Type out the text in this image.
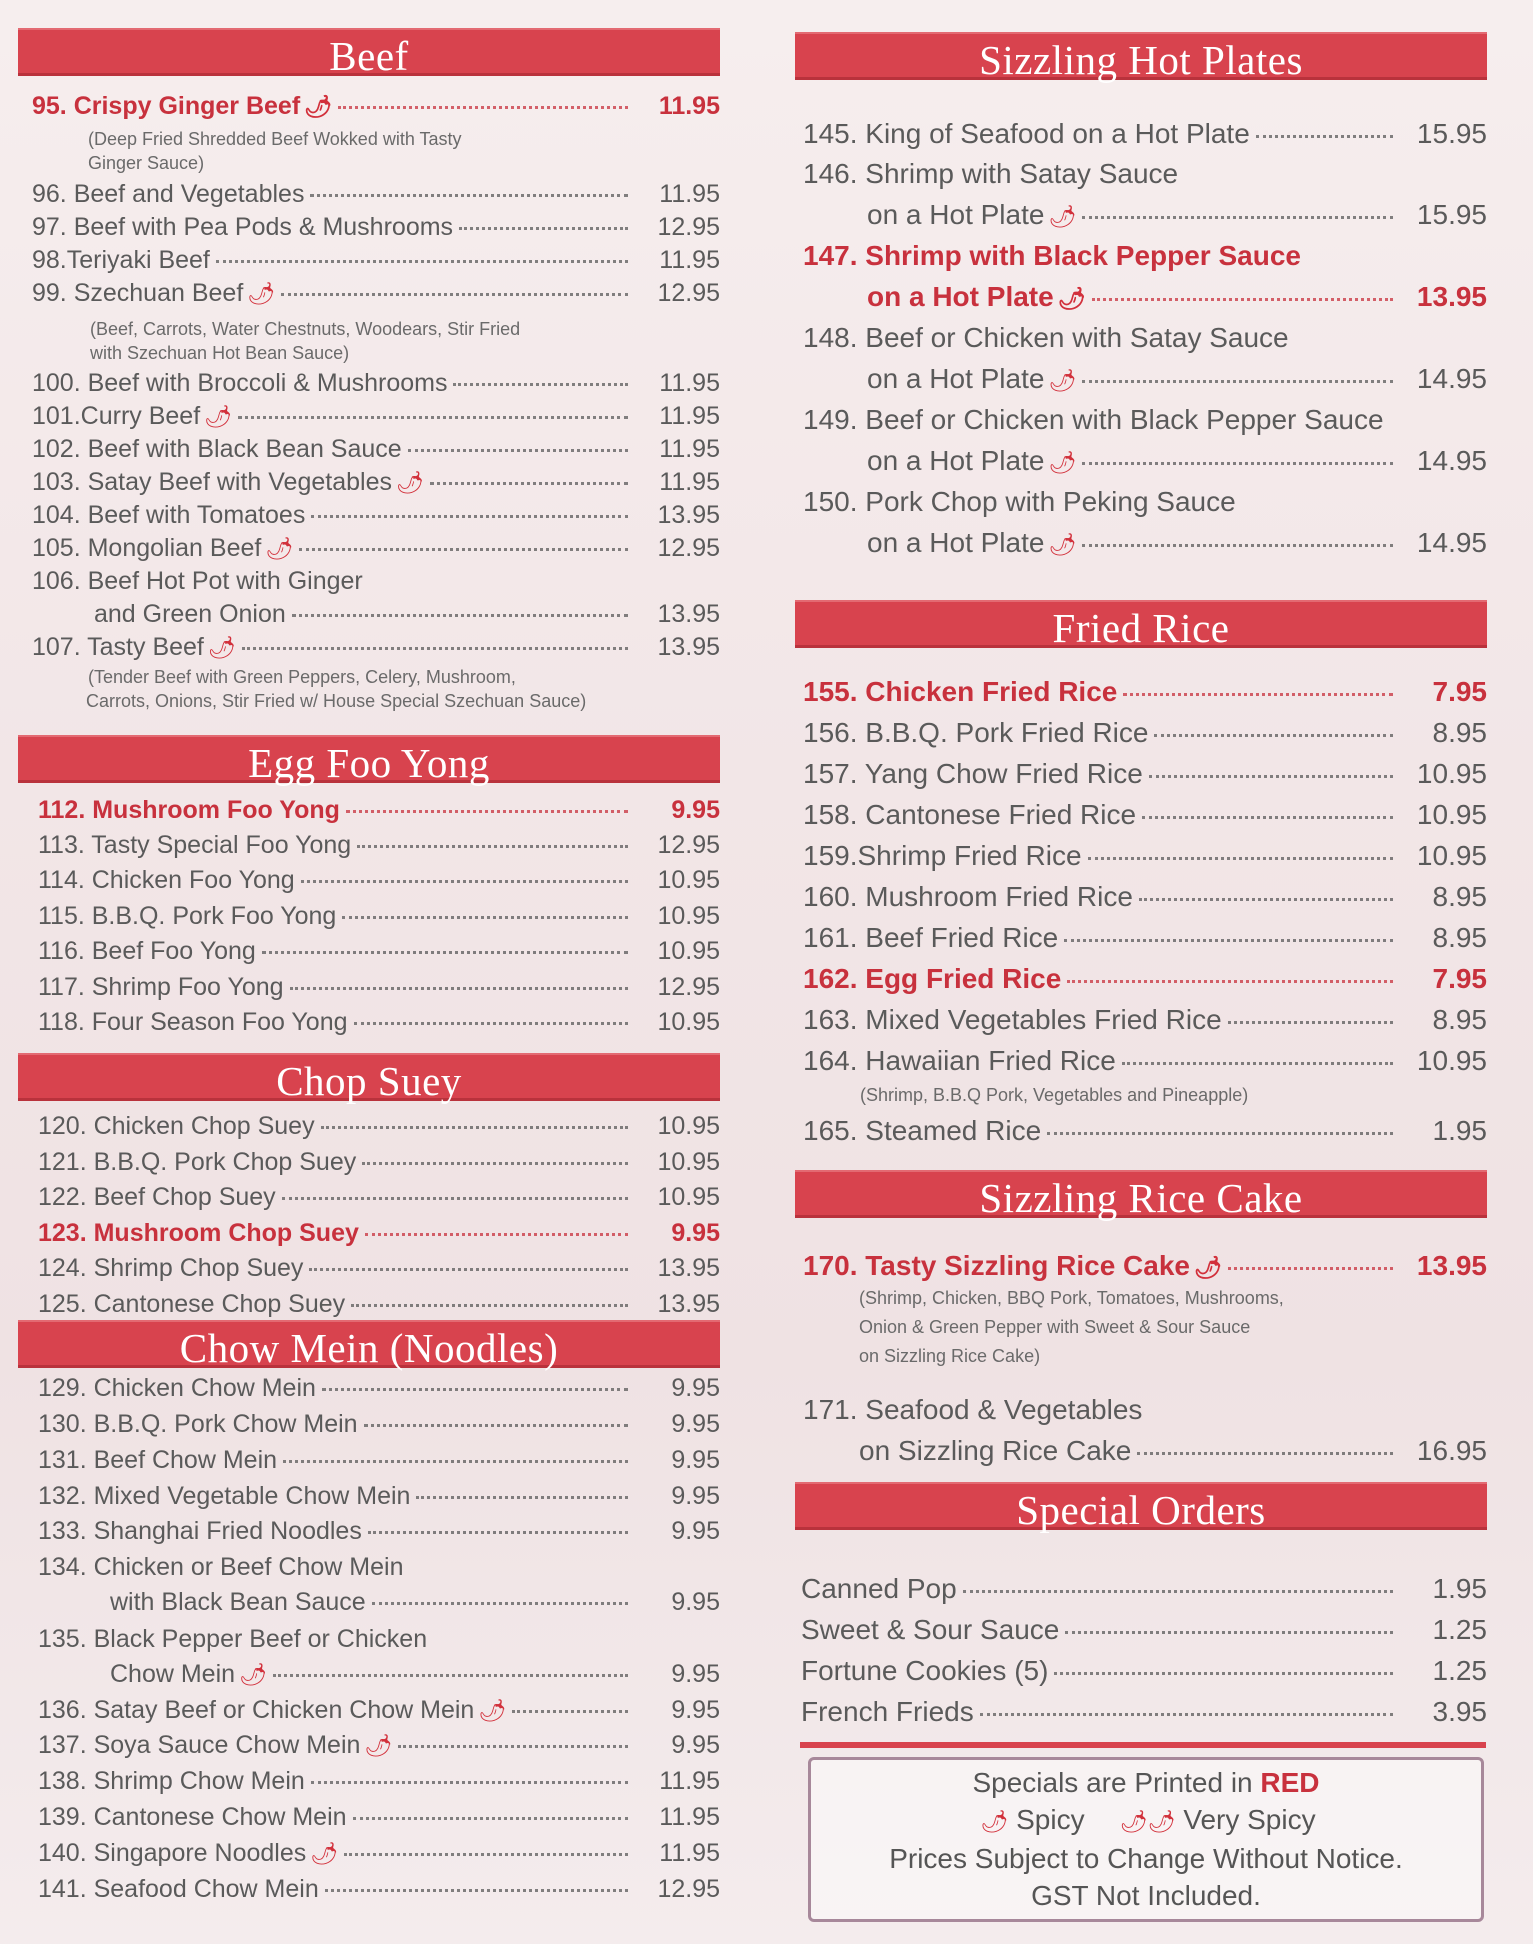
Beef
95. Crispy Ginger Beef 🌶	11.95
96. Beef and Vegetables	11.95
97. Beef with Pea Pods & Mushrooms	12.95
98.Teriyaki Beef	11.95
99. Szechuan Beef 🌶	12.95
100. Beef with Broccoli & Mushrooms	11.95
101.Curry Beef 🌶	11.95
102. Beef with Black Bean Sauce	11.95
103. Satay Beef with Vegetables 🌶	11.95
104. Beef with Tomatoes	13.95
105. Mongolian Beef 🌶	12.95
106. Beef Hot Pot with Ginger
and Green Onion	13.95
107. Tasty Beef 🌶	13.95
(Deep Fried Shredded Beef Wokked with Tasty
Ginger Sauce)
(Beef, Carrots, Water Chestnuts, Woodears, Stir Fried
with Szechuan Hot Bean Sauce)
(Tender Beef with Green Peppers, Celery, Mushroom,
Carrots, Onions, Stir Fried w/ House Special Szechuan Sauce)
Egg Foo Yong
112. Mushroom Foo Yong	9.95
113. Tasty Special Foo Yong	12.95
114. Chicken Foo Yong	10.95
115. B.B.Q. Pork Foo Yong	10.95
116. Beef Foo Yong	10.95
117. Shrimp Foo Yong	12.95
118. Four Season Foo Yong	10.95
Chop Suey
120. Chicken Chop Suey	10.95
121. B.B.Q. Pork Chop Suey	10.95
122. Beef Chop Suey	10.95
123. Mushroom Chop Suey	9.95
124. Shrimp Chop Suey	13.95
125. Cantonese Chop Suey	13.95
Chow Mein (Noodles)
129. Chicken Chow Mein	9.95
130. B.B.Q. Pork Chow Mein	9.95
131. Beef Chow Mein	9.95
132. Mixed Vegetable Chow Mein	9.95
133. Shanghai Fried Noodles	9.95
134. Chicken or Beef Chow Mein
with Black Bean Sauce	9.95
135. Black Pepper Beef or Chicken
Chow Mein 🌶	9.95
136. Satay Beef or Chicken Chow Mein 🌶	9.95
137. Soya Sauce Chow Mein 🌶	9.95
138. Shrimp Chow Mein	11.95
139. Cantonese Chow Mein	11.95
140. Singapore Noodles 🌶	11.95
141. Seafood Chow Mein	12.95
Sizzling Hot Plates
145. King of Seafood on a Hot Plate	15.95
146. Shrimp with Satay Sauce
on a Hot Plate 🌶	15.95
147. Shrimp with Black Pepper Sauce
on a Hot Plate 🌶	13.95
148. Beef or Chicken with Satay Sauce
on a Hot Plate 🌶	14.95
149. Beef or Chicken with Black Pepper Sauce
on a Hot Plate 🌶	14.95
150. Pork Chop with Peking Sauce
on a Hot Plate 🌶	14.95
Fried Rice
155. Chicken Fried Rice	7.95
156. B.B.Q. Pork Fried Rice	8.95
157. Yang Chow Fried Rice	10.95
158. Cantonese Fried Rice	10.95
159.Shrimp Fried Rice	10.95
160. Mushroom Fried Rice	8.95
161. Beef Fried Rice	8.95
162. Egg Fried Rice	7.95
163. Mixed Vegetables Fried Rice	8.95
164. Hawaiian Fried Rice	10.95
165. Steamed Rice	1.95
(Shrimp, B.B.Q Pork, Vegetables and Pineapple)
Sizzling Rice Cake
170. Tasty Sizzling Rice Cake 🌶	13.95
171. Seafood & Vegetables
on Sizzling Rice Cake	16.95
(Shrimp, Chicken, BBQ Pork, Tomatoes, Mushrooms,
Onion & Green Pepper with Sweet & Sour Sauce
on Sizzling Rice Cake)
Special Orders
Canned Pop	1.95
Sweet & Sour Sauce	1.25
Fortune Cookies (5)	1.25
French Frieds	3.95
Specials are Printed in RED
🌶 Spicy 🌶🌶 Very Spicy
Prices Subject to Change Without Notice.
GST Not Included.
